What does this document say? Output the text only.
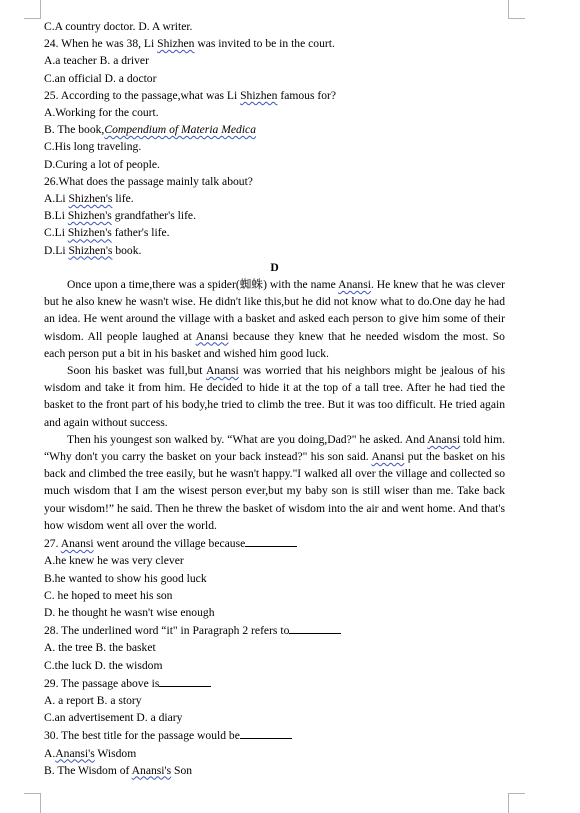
C.A country doctor. D. A writer.
24. When he was 38, Li Shizhen was invited to be in the court.
A.a teacher B. a driver
C.an official D. a doctor
25. According to the passage,what was Li Shizhen famous for?
A.Working for the court.
B. The book,Compendium of Materia Medica
C.His long traveling.
D.Curing a lot of people.
26.What does the passage mainly talk about?
A.Li Shizhen's life.
B.Li Shizhen's grandfather's life.
C.Li Shizhen's father's life.
D.Li Shizhen's book.
D
Once upon a time,there was a spider(蜘蛛) with the name Anansi. He knew that he was clever but he also knew he wasn't wise. He didn't like this,but he did not know what to do.One day he had an idea. He went around the village with a basket and asked each person to give him some of their wisdom. All people laughed at Anansi because they knew that he needed wisdom the most. So each person put a bit in his basket and wished him good luck.
Soon his basket was full,but Anansi was worried that his neighbors might be jealous of his wisdom and take it from him. He decided to hide it at the top of a tall tree. After he had tied the basket to the front part of his body,he tried to climb the tree. But it was too difficult. He tried again and again without success.
Then his youngest son walked by. “What are you doing,Dad?" he asked. And Anansi told him. “Why don't you carry the basket on your back instead?" his son said. Anansi put the basket on his back and climbed the tree easily, but he wasn't happy."I walked all over the village and collected so much wisdom that I am the wisest person ever,but my baby son is still wiser than me. Take back your wisdom!” he said. Then he threw the basket of wisdom into the air and went home. And that's how wisdom went all over the world.
27. Anansi went around the village because
A.he knew he was very clever
B.he wanted to show his good luck
C. he hoped to meet his son
D. he thought he wasn't wise enough
28. The underlined word “it" in Paragraph 2 refers to
A. the tree B. the basket
C.the luck D. the wisdom
29. The passage above is
A. a report B. a story
C.an advertisement D. a diary
30. The best title for the passage would be
A.Anansi's Wisdom
B. The Wisdom of Anansi's Son
